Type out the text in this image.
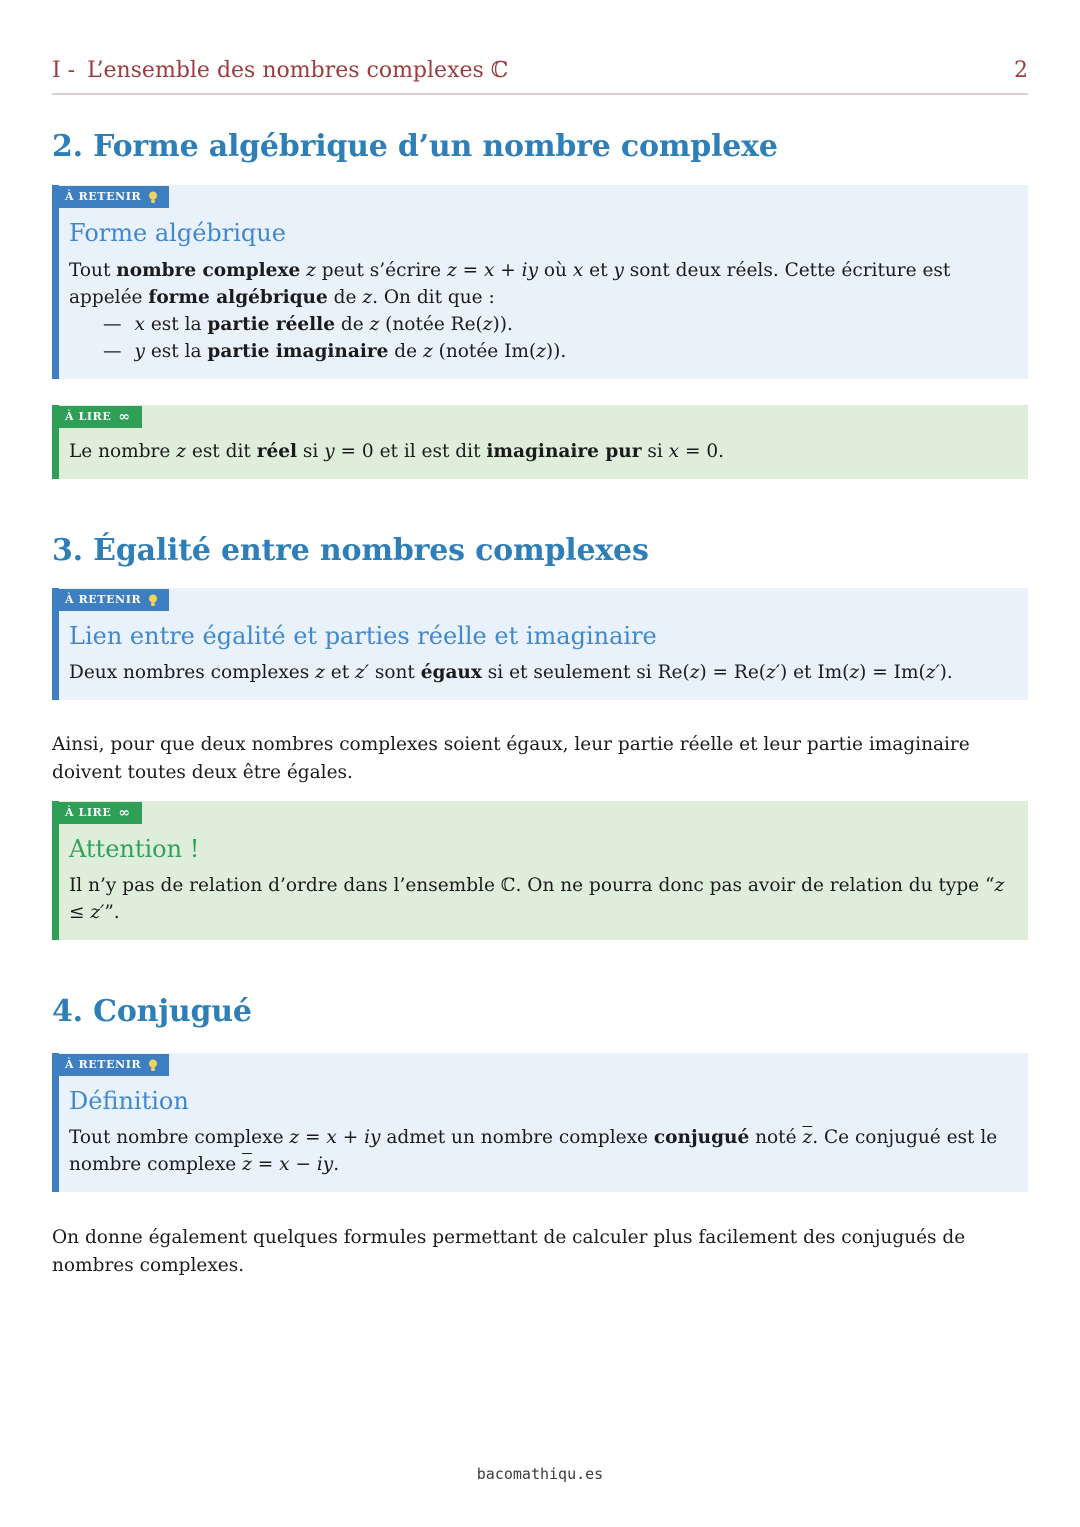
I - L’ensemble des nombres complexes ℂ	2
2. Forme algébrique d’un nombre complexe
À RETENIR
Forme algébrique

Tout nombre complexe z peut s’écrire z = x + iy où x et y sont deux réels. Cette écriture est appelée forme algébrique de z. On dit que :

— x est la partie réelle de z (notée Re(z)).

— y est la partie imaginaire de z (notée Im(z)).

À LIRE ∞

Le nombre z est dit réel si y = 0 et il est dit imaginaire pur si x = 0.

3. Égalité entre nombres complexes
À RETENIR
Lien entre égalité et parties réelle et imaginaire

Deux nombres complexes z et z′ sont égaux si et seulement si Re(z) = Re(z′) et Im(z) = Im(z′).

Ainsi, pour que deux nombres complexes soient égaux, leur partie réelle et leur partie imaginaire doivent toutes deux être égales.

À LIRE ∞
Attention !

Il n’y pas de relation d’ordre dans l’ensemble ℂ. On ne pourra donc pas avoir de relation du type “z ≤ z′”.

4. Conjugué
À RETENIR
Définition

Tout nombre complexe z = x + iy admet un nombre complexe conjugué noté $\overline{z}$. Ce conjugué est le nombre complexe $\overline{z} = x$ − iy.

On donne également quelques formules permettant de calculer plus facilement des conjugués de nombres complexes.

bacomathiqu.es
